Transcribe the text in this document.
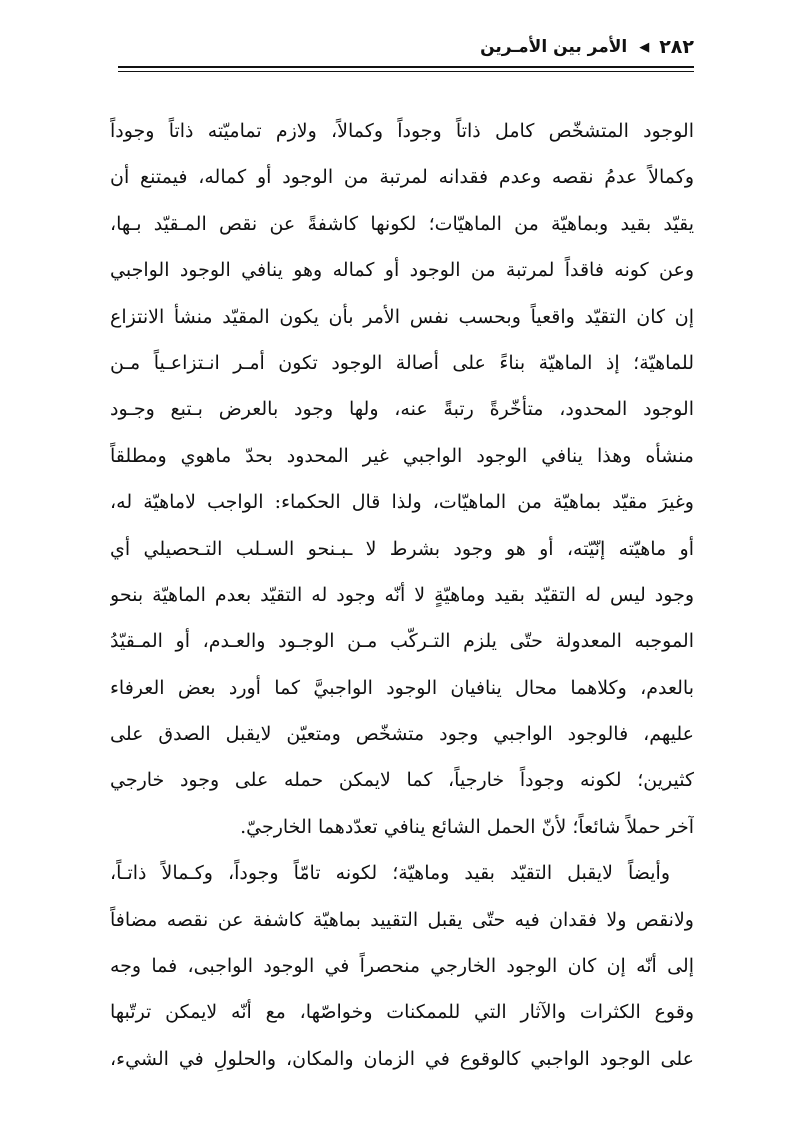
٢٨٢
◀
الأمر بين الأمـرين
الوجود المتشخّص كامل ذاتاً وجوداً وكمالاً، ولازم تماميّته ذاتاً وجوداً
وكمالاً عدمُ نقصه وعدم فقدانه لمرتبة من الوجود أو كماله، فيمتنع أن
يقيّد بقيد وبماهيّة من الماهيّات؛ لكونها كاشفةً عن نقص المـقيّد بـها،
وعن كونه فاقداً لمرتبة من الوجود أو كماله وهو ينافي الوجود الواجبي
إن كان التقيّد واقعياً وبحسب نفس الأمر بأن يكون المقيّد منشأ الانتزاع
للماهيّة؛ إذ الماهيّة بناءً على أصالة الوجود تكون أمـر انـتزاعـياً مـن
الوجود المحدود، متأخّرةً رتبةً عنه، ولها وجود بالعرض بـتبع وجـود
منشأه وهذا ينافي الوجود الواجبي غير المحدود بحدّ ماهوي ومطلقاً
وغيرَ مقيّد بماهيّة من الماهيّات، ولذا قال الحكماء: الواجب لاماهيّة له،
أو ماهيّته إنّيّته، أو هو وجود بشرط لا ـبـنحو السـلب التـحصيلي أي
وجود ليس له التقيّد بقيد وماهيّةٍ لا أنّه وجود له التقيّد بعدم الماهيّة بنحو
الموجبه المعدولة حتّى يلزم التـركّب مـن الوجـود والعـدم، أو المـقيّدُ
بالعدم، وكلاهما محال ينافيان الوجود الواجبيَّ كما أورد بعض العرفاء
عليهم، فالوجود الواجبي وجود متشخّص ومتعيّن لايقبل الصدق على
كثيرين؛ لكونه وجوداً خارجياً، كما لايمكن حمله على وجود خارجي
آخر حملاً شائعاً؛ لأنّ الحمل الشائع ينافي تعدّدهما الخارجيّ.
وأيضاً لايقبل التقيّد بقيد وماهيّة؛ لكونه تامّاً وجوداً، وكـمالاً ذاتـاً،
ولانقص ولا فقدان فيه حتّى يقبل التقييد بماهيّة كاشفة عن نقصه مضافاً
إلى أنّه إن كان الوجود الخارجي منحصراً في الوجود الواجبى، فما وجه
وقوع الكثرات والآثار التي للممكنات وخواصّها، مع أنّه لايمكن ترتّبها
على الوجود الواجبي كالوقوع في الزمان والمكان، والحلولِ في الشيء،
